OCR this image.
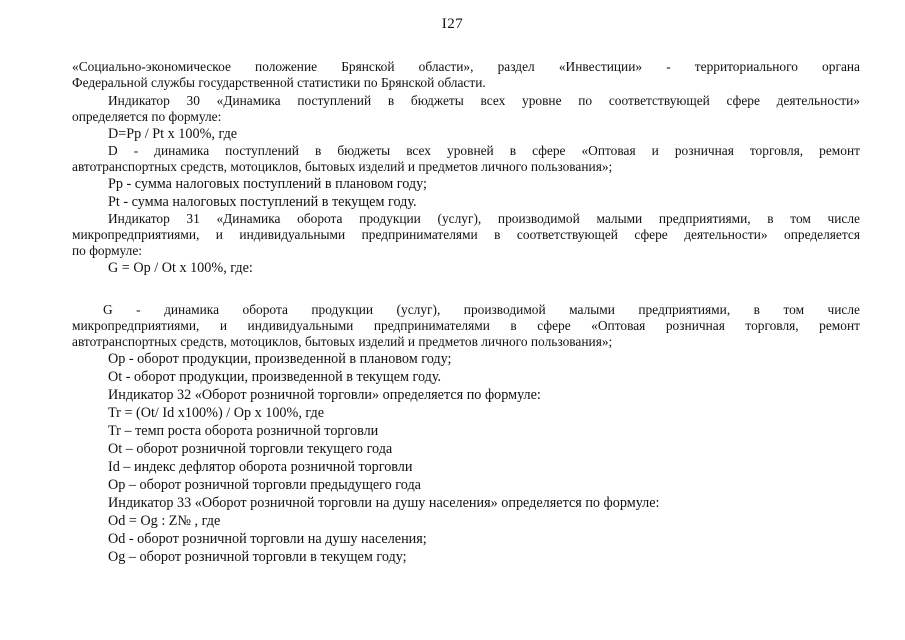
I27

«Социально-экономическое положение Брянской области», раздел «Инвестиции» - территориального органа

Федеральной службы государственной статистики по Брянской области.

Индикатор 30 «Динамика поступлений в бюджеты всех уровне по соответствующей сфере деятельности»

определяется по формуле:

D=Pp / Pt x 100%, где

D - динамика поступлений в бюджеты всех уровней в сфере «Оптовая и розничная торговля, ремонт

автотранспортных средств, мотоциклов, бытовых изделий и предметов личного пользования»;

Pp - сумма налоговых поступлений в плановом году;

Pt - сумма налоговых поступлений в текущем году.

Индикатор 31 «Динамика оборота продукции (услуг), производимой малыми предприятиями, в том числе

микропредприятиями, и индивидуальными предпринимателями в соответствующей сфере деятельности» определяется

по формуле:

G = Op / Ot x 100%, где:

G - динамика оборота продукции (услуг), производимой малыми предприятиями, в том числе

микропредприятиями, и индивидуальными предпринимателями в сфере «Оптовая розничная торговля, ремонт

автотранспортных средств, мотоциклов, бытовых изделий и предметов личного пользования»;

Op - оборот продукции, произведенной в плановом году;

Ot - оборот продукции, произведенной в текущем году.

Индикатор 32 «Оборот розничной торговли» определяется по формуле:

Tr = (Ot/ Id x100%) / Op x 100%, где

Tr – темп роста оборота розничной торговли

Ot – оборот розничной торговли текущего года

Id – индекс дефлятор оборота розничной торговли

Op – оборот розничной торговли предыдущего года

Индикатор 33 «Оборот розничной торговли на душу населения» определяется по формуле:

Od = Og : Z№ , где

Od - оборот розничной торговли на душу населения;

Og – оборот розничной торговли в текущем году;
